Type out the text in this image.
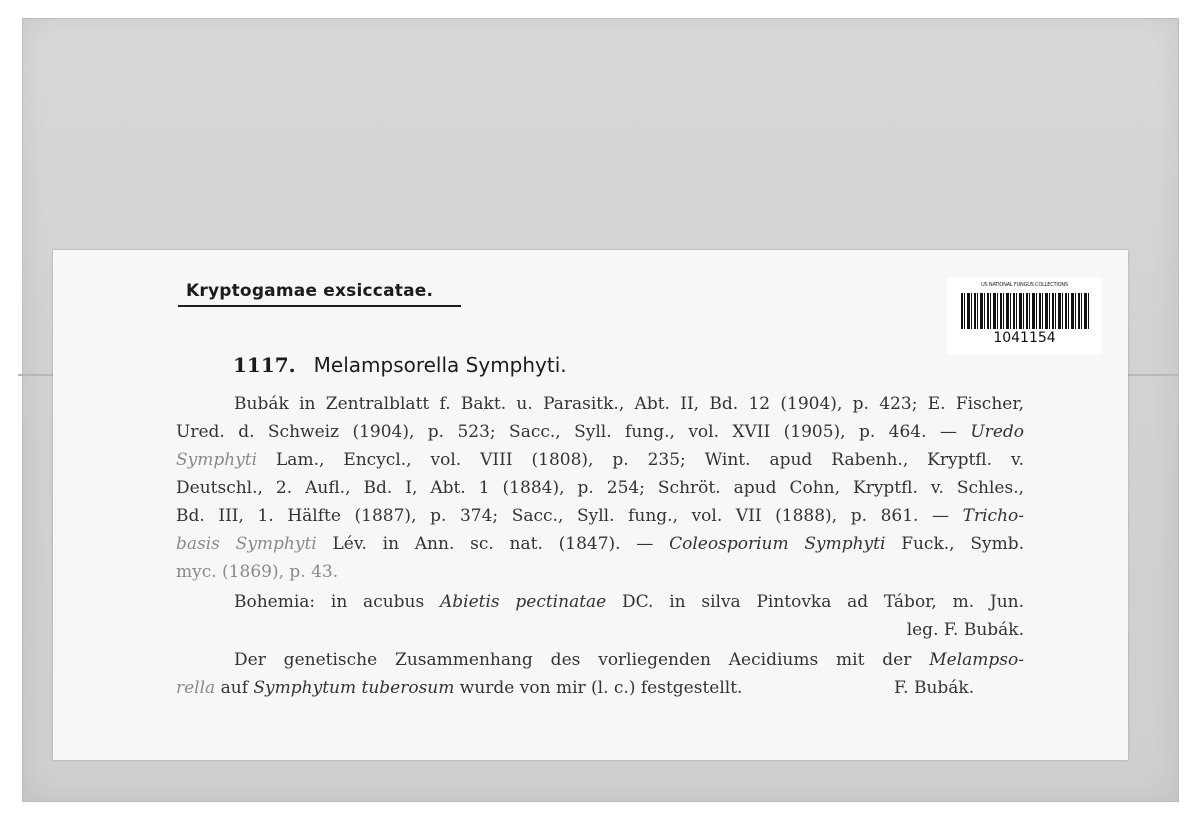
Kryptogamae exsiccatae.	US NATIONAL FUNGUS COLLECTIONS
1041154
1117. Melampsorella Symphyti.
Bubák in Zentralblatt f. Bakt. u. Parasitk., Abt. II, Bd. 12 (1904), p. 423; E. Fischer,
Ured. d. Schweiz (1904), p. 523; Sacc., Syll. fung., vol. XVII (1905), p. 464. — Uredo
Symphyti Lam., Encycl., vol. VIII (1808), p. 235; Wint. apud Rabenh., Kryptfl. v.
Deutschl., 2. Aufl., Bd. I, Abt. 1 (1884), p. 254; Schröt. apud Cohn, Kryptfl. v. Schles.,
Bd. III, 1. Hälfte (1887), p. 374; Sacc., Syll. fung., vol. VII (1888), p. 861. — Tricho-
basis Symphyti Lév. in Ann. sc. nat. (1847). — Coleosporium Symphyti Fuck., Symb.
myc. (1869), p. 43.
Bohemia: in acubus Abietis pectinatae DC. in silva Pintovka ad Tábor, m. Jun.
leg. F. Bubák.
Der genetische Zusammenhang des vorliegenden Aecidiums mit der Melampso-
rella auf Symphytum tuberosum wurde von mir (l. c.) festgestellt.	F. Bubák.
